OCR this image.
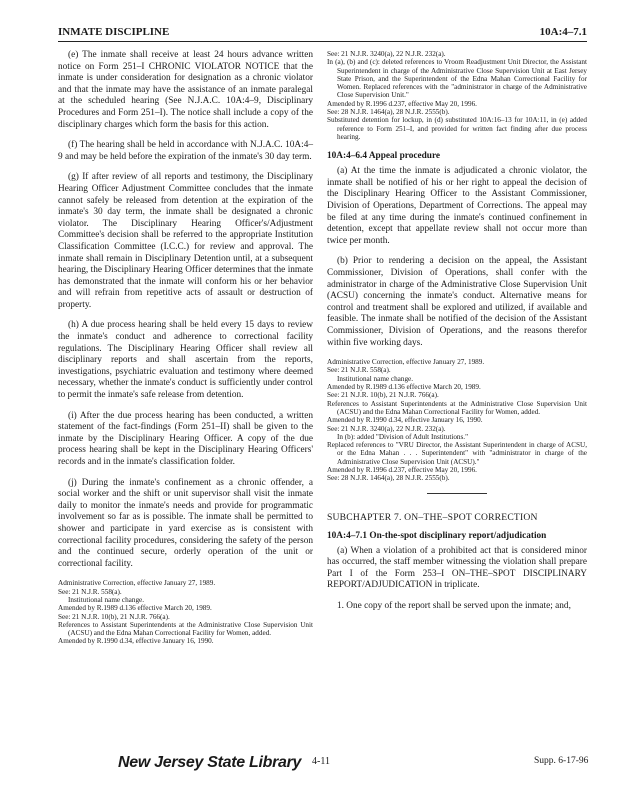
INMATE DISCIPLINE	10A:4–7.1

(e) The inmate shall receive at least 24 hours advance written notice on Form 251–I CHRONIC VIOLATOR NOTICE that the inmate is under consideration for designation as a chronic violator and that the inmate may have the assistance of an inmate paralegal at the scheduled hearing (See N.J.A.C. 10A:4–9, Disciplinary Procedures and Form 251–I). The notice shall include a copy of the disciplinary charges which form the basis for this action.

(f) The hearing shall be held in accordance with N.J.A.C. 10A:4–9 and may be held before the expiration of the inmate's 30 day term.

(g) If after review of all reports and testimony, the Disciplinary Hearing Officer Adjustment Committee concludes that the inmate cannot safely be released from detention at the expiration of the inmate's 30 day term, the inmate shall be designated a chronic violator. The Disciplinary Hearing Officer's/Adjustment Committee's decision shall be referred to the appropriate Institution Classification Committee (I.C.C.) for review and approval. The inmate shall remain in Disciplinary Detention until, at a subsequent hearing, the Disciplinary Hearing Officer determines that the inmate has demonstrated that the inmate will conform his or her behavior and will refrain from repetitive acts of assault or destruction of property.

(h) A due process hearing shall be held every 15 days to review the inmate's conduct and adherence to correctional facility regulations. The Disciplinary Hearing Officer shall review all disciplinary reports and shall ascertain from the reports, investigations, psychiatric evaluation and testimony where deemed necessary, whether the inmate's conduct is sufficiently under control to permit the inmate's safe release from detention.

(i) After the due process hearing has been conducted, a written statement of the fact-findings (Form 251–II) shall be given to the inmate by the Disciplinary Hearing Officer. A copy of the due process hearing shall be kept in the Disciplinary Hearing Officers' records and in the inmate's classification folder.

(j) During the inmate's confinement as a chronic offender, a social worker and the shift or unit supervisor shall visit the inmate daily to monitor the inmate's needs and provide for programmatic involvement so far as is possible. The inmate shall be permitted to shower and participate in yard exercise as is consistent with correctional facility procedures, considering the safety of the person and the continued secure, orderly operation of the unit or correctional facility.

Administrative Correction, effective January 27, 1989.

See: 21 N.J.R. 558(a).

Institutional name change.

Amended by R.1989 d.136 effective March 20, 1989.

See: 21 N.J.R. 10(b), 21 N.J.R. 766(a).

References to Assistant Superintendents at the Administrative Close Supervision Unit (ACSU) and the Edna Mahan Correctional Facility for Women, added.

Amended by R.1990 d.34, effective January 16, 1990.

See: 21 N.J.R. 3240(a), 22 N.J.R. 232(a).

In (a), (b) and (c): deleted references to Vroom Readjustment Unit Director, the Assistant Superintendent in charge of the Administrative Close Supervision Unit at East Jersey State Prison, and the Superintendent of the Edna Mahan Correctional Facility for Women. Replaced references with the "administrator in charge of the Administrative Close Supervision Unit."

Amended by R.1996 d.237, effective May 20, 1996.

See: 28 N.J.R. 1464(a), 28 N.J.R. 2555(b).

Substituted detention for lockup, in (d) substituted 10A:16–13 for 10A:11, in (e) added reference to Form 251–I, and provided for written fact finding after due process hearing.

10A:4–6.4 Appeal procedure

(a) At the time the inmate is adjudicated a chronic violator, the inmate shall be notified of his or her right to appeal the decision of the Disciplinary Hearing Officer to the Assistant Commissioner, Division of Operations, Department of Corrections. The appeal may be filed at any time during the inmate's continued confinement in detention, except that appellate review shall not occur more than twice per month.

(b) Prior to rendering a decision on the appeal, the Assistant Commissioner, Division of Operations, shall confer with the administrator in charge of the Administrative Close Supervision Unit (ACSU) concerning the inmate's conduct. Alternative means for control and treatment shall be explored and utilized, if available and feasible. The inmate shall be notified of the decision of the Assistant Commissioner, Division of Operations, and the reasons therefor within five working days.

Administrative Correction, effective January 27, 1989.

See: 21 N.J.R. 558(a).

Institutional name change.

Amended by R.1989 d.136 effective March 20, 1989.

See: 21 N.J.R. 10(b), 21 N.J.R. 766(a).

References to Assistant Superintendents at the Administrative Close Supervision Unit (ACSU) and the Edna Mahan Correctional Facility for Women, added.

Amended by R.1990 d.34, effective January 16, 1990.

See: 21 N.J.R. 3240(a), 22 N.J.R. 232(a).

In (b): added "Division of Adult Institutions."

Replaced references to "VRU Director, the Assistant Superintendent in charge of ACSU, or the Edna Mahan . . . Superintendent" with "administrator in charge of the Administrative Close Supervision Unit (ACSU)."

Amended by R.1996 d.237, effective May 20, 1996.

See: 28 N.J.R. 1464(a), 28 N.J.R. 2555(b).

SUBCHAPTER 7. ON–THE–SPOT CORRECTION
10A:4–7.1 On-the-spot disciplinary report/adjudication

(a) When a violation of a prohibited act that is considered minor has occurred, the staff member witnessing the violation shall prepare Part I of the Form 253–I ON–THE–SPOT DISCIPLINARY REPORT/ADJUDICATION in triplicate.

1. One copy of the report shall be served upon the inmate; and,

New Jersey State Library 4-11	Supp. 6-17-96
